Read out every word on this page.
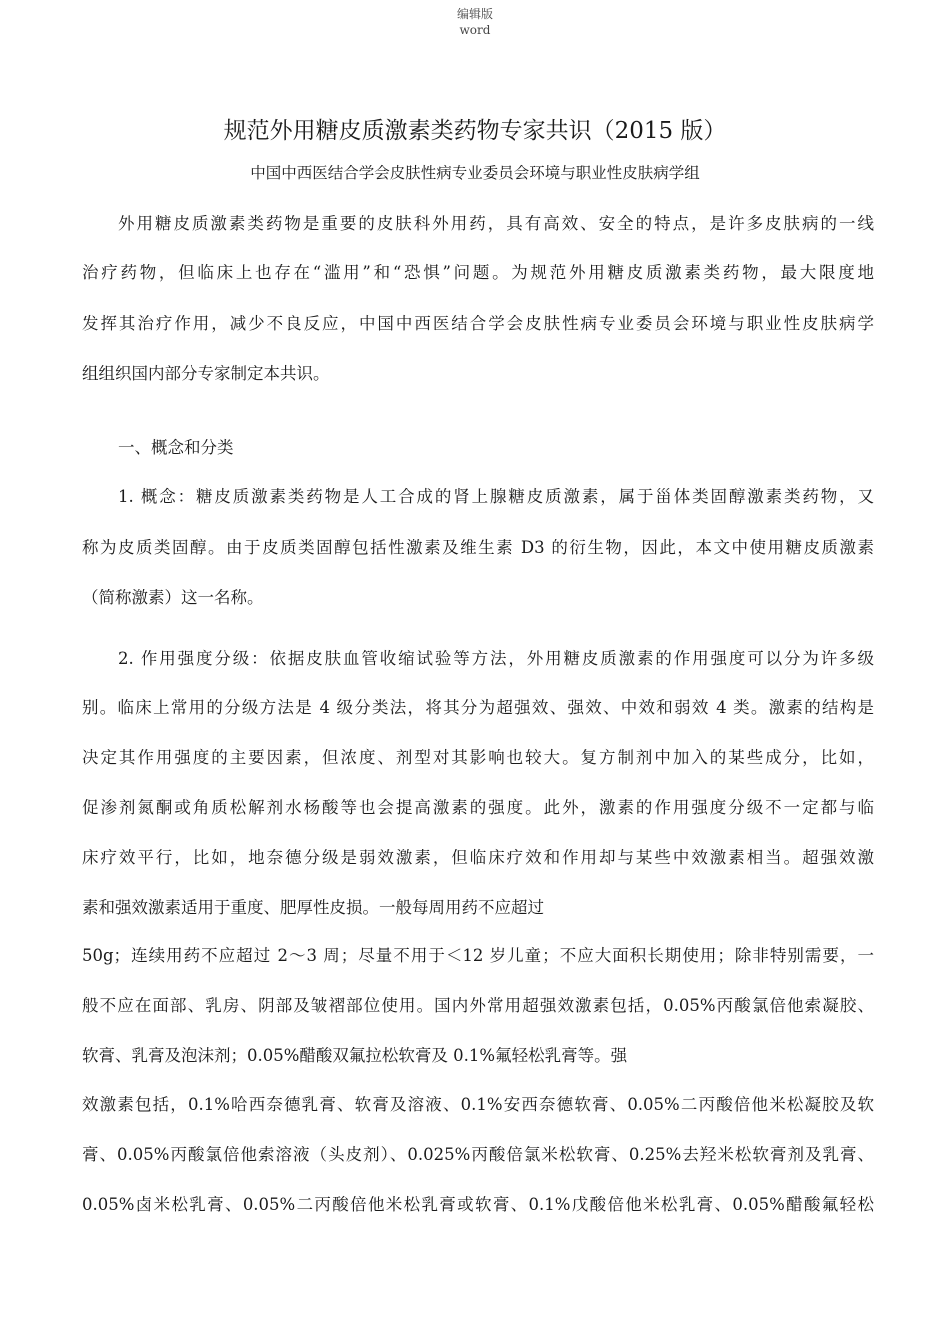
编辑版
word
规范外用糖皮质激素类药物专家共识（2015 版）
中国中西医结合学会皮肤性病专业委员会环境与职业性皮肤病学组
外用糖皮质激素类药物是重要的皮肤科外用药，具有高效、安全的特点，是许多皮肤病的一线
治疗药物，但临床上也存在“滥用”和“恐惧”问题。为规范外用糖皮质激素类药物，最大限度地
发挥其治疗作用，减少不良反应，中国中西医结合学会皮肤性病专业委员会环境与职业性皮肤病学
组组织国内部分专家制定本共识。
一、概念和分类
1. 概念：糖皮质激素类药物是人工合成的肾上腺糖皮质激素，属于甾体类固醇激素类药物，又
称为皮质类固醇。由于皮质类固醇包括性激素及维生素 D3 的衍生物，因此，本文中使用糖皮质激素
（简称激素）这一名称。
2. 作用强度分级：依据皮肤血管收缩试验等方法，外用糖皮质激素的作用强度可以分为许多级
别。临床上常用的分级方法是 4 级分类法，将其分为超强效、强效、中效和弱效 4 类。激素的结构是
决定其作用强度的主要因素，但浓度、剂型对其影响也较大。复方制剂中加入的某些成分，比如，
促渗剂氮酮或角质松解剂水杨酸等也会提高激素的强度。此外，激素的作用强度分级不一定都与临
床疗效平行，比如，地奈德分级是弱效激素，但临床疗效和作用却与某些中效激素相当。超强效激
素和强效激素适用于重度、肥厚性皮损。一般每周用药不应超过
50g；连续用药不应超过 2～3 周；尽量不用于＜12 岁儿童；不应大面积长期使用；除非特别需要，一
般不应在面部、乳房、阴部及皱褶部位使用。国内外常用超强效激素包括，0.05%丙酸氯倍他索凝胶、
软膏、乳膏及泡沫剂；0.05%醋酸双氟拉松软膏及 0.1%氟轻松乳膏等。强
效激素包括，0.1%哈西奈德乳膏、软膏及溶液、0.1%安西奈德软膏、0.05%二丙酸倍他米松凝胶及软
膏、0.05%丙酸氯倍他索溶液（头皮剂）、0.025%丙酸倍氯米松软膏、0.25%去羟米松软膏剂及乳膏、
0.05%卤米松乳膏、0.05%二丙酸倍他米松乳膏或软膏、0.1%戊酸倍他米松乳膏、0.05%醋酸氟轻松
